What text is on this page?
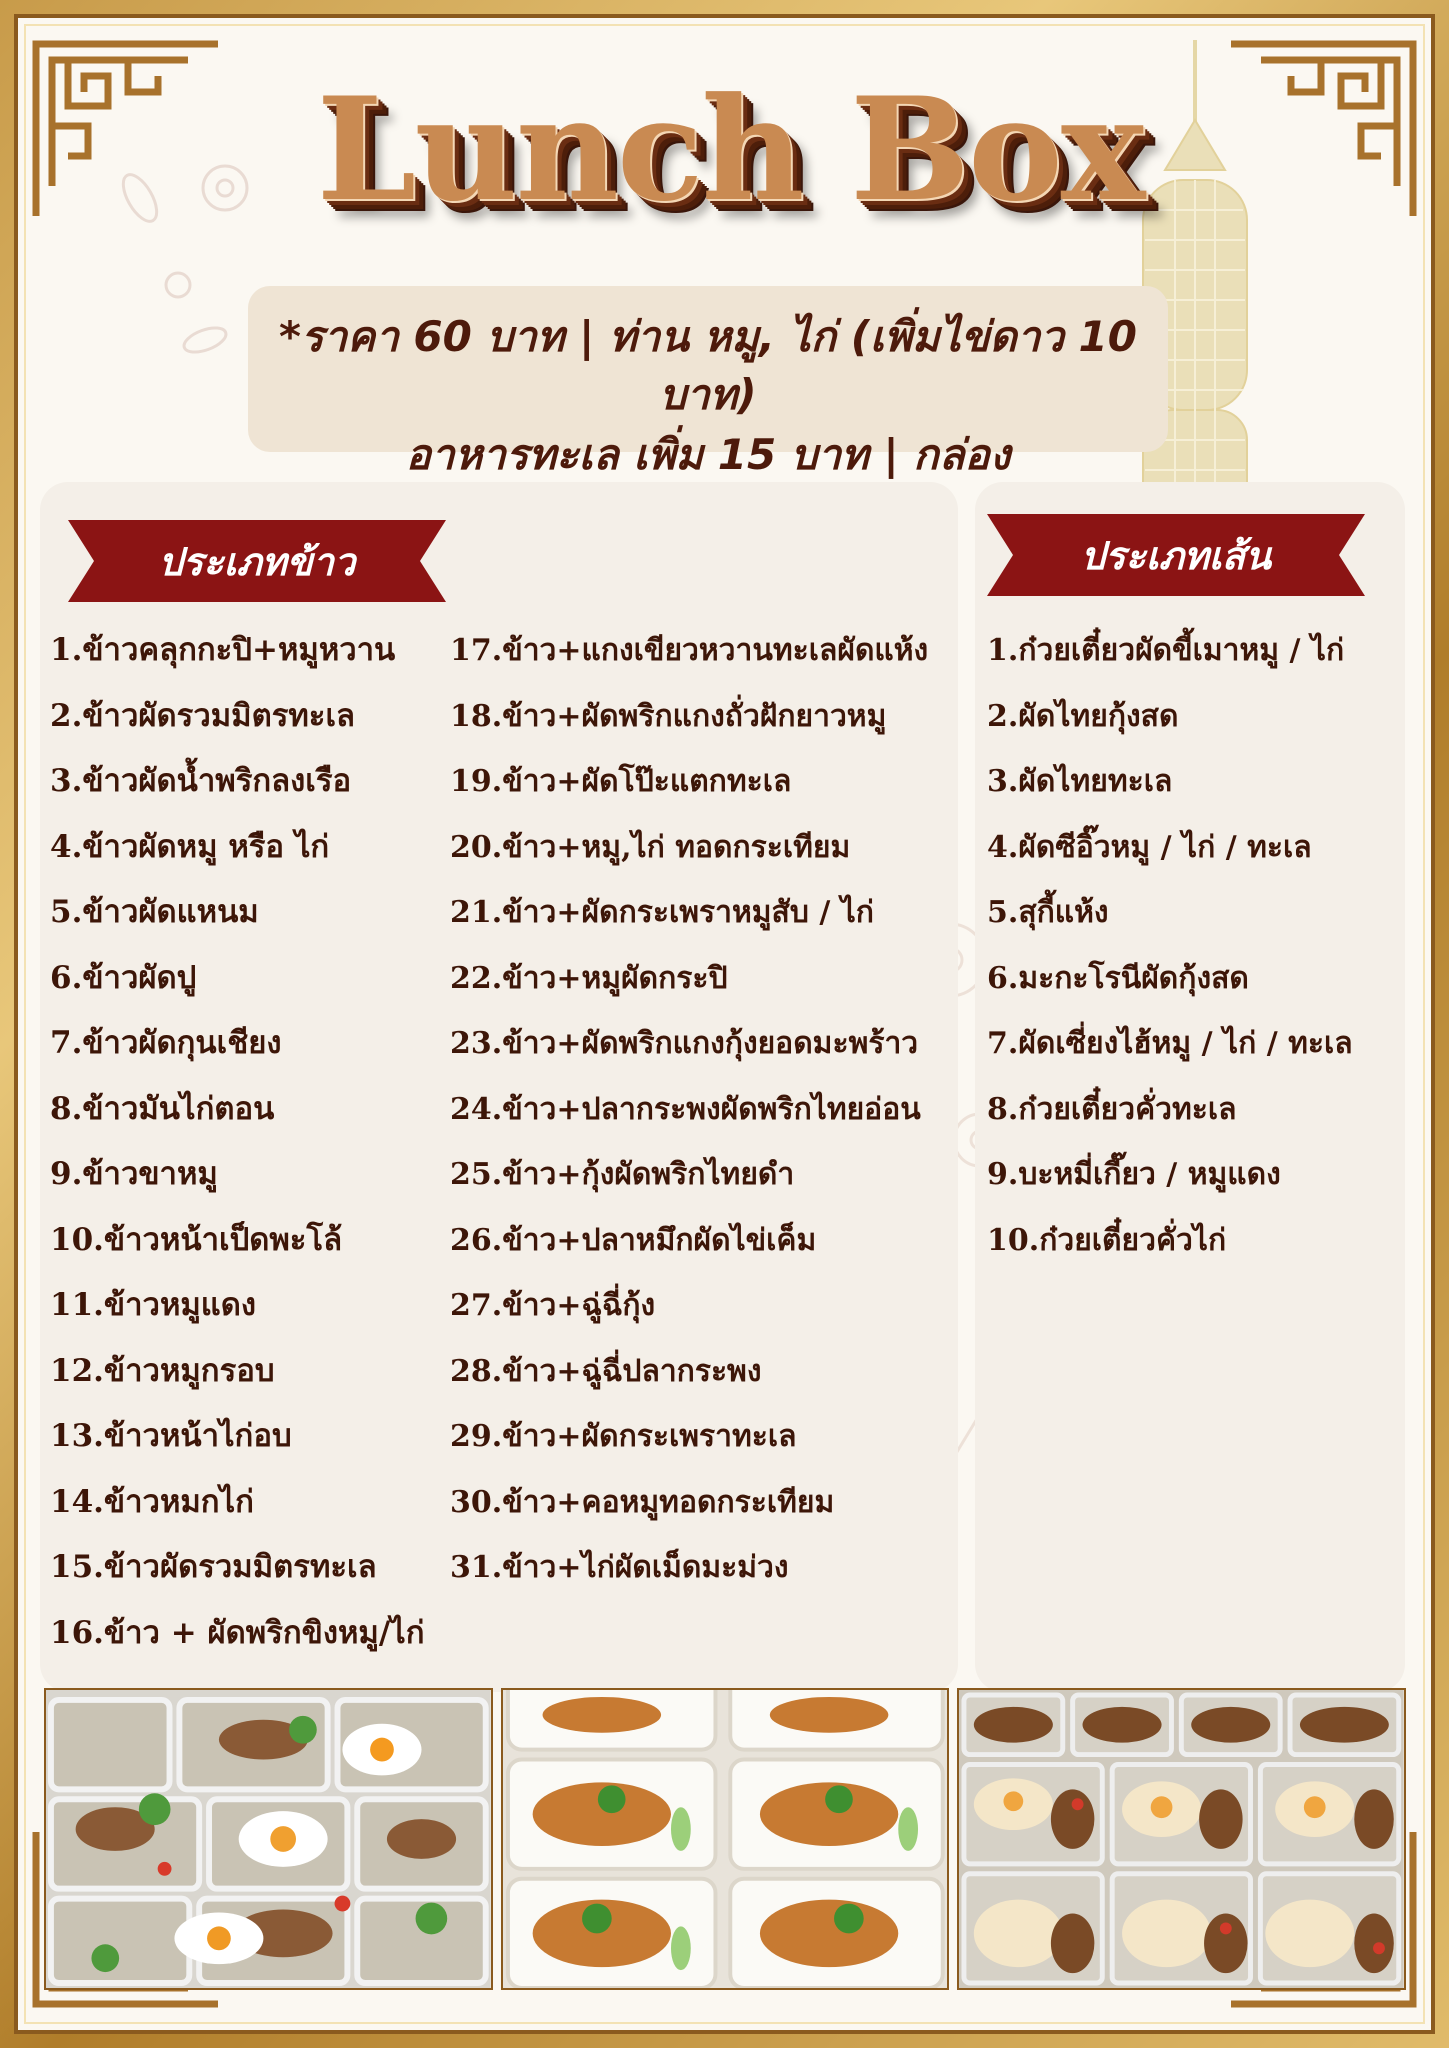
Lunch Box
*ราคา 60 บาท | ท่าน หมู, ไก่ (เพิ่มไข่ดาว 10 บาท)
อาหารทะเล เพิ่ม 15 บาท | กล่อง
ประเภทข้าว	ประเภทเส้น
1.ข้าวคลุกกะปิ+หมูหวาน
2.ข้าวผัดรวมมิตรทะเล
3.ข้าวผัดน้ำพริกลงเรือ
4.ข้าวผัดหมู หรือ ไก่
5.ข้าวผัดแหนม
6.ข้าวผัดปู
7.ข้าวผัดกุนเชียง
8.ข้าวมันไก่ตอน
9.ข้าวขาหมู
10.ข้าวหน้าเป็ดพะโล้
11.ข้าวหมูแดง
12.ข้าวหมูกรอบ
13.ข้าวหน้าไก่อบ
14.ข้าวหมกไก่
15.ข้าวผัดรวมมิตรทะเล
16.ข้าว + ผัดพริกขิงหมู/ไก่
17.ข้าว+แกงเขียวหวานทะเลผัดแห้ง
18.ข้าว+ผัดพริกแกงถั่วฝักยาวหมู
19.ข้าว+ผัดโป๊ะแตกทะเล
20.ข้าว+หมู,ไก่ ทอดกระเทียม
21.ข้าว+ผัดกระเพราหมูสับ / ไก่
22.ข้าว+หมูผัดกระปิ
23.ข้าว+ผัดพริกแกงกุ้งยอดมะพร้าว
24.ข้าว+ปลากระพงผัดพริกไทยอ่อน
25.ข้าว+กุ้งผัดพริกไทยดำ
26.ข้าว+ปลาหมึกผัดไข่เค็ม
27.ข้าว+ฉู่ฉี่กุ้ง
28.ข้าว+ฉู่ฉี่ปลากระพง
29.ข้าว+ผัดกระเพราทะเล
30.ข้าว+คอหมูทอดกระเทียม
31.ข้าว+ไก่ผัดเม็ดมะม่วง
1.ก๋วยเตี๋ยวผัดขี้เมาหมู / ไก่
2.ผัดไทยกุ้งสด
3.ผัดไทยทะเล
4.ผัดซีอิ๊วหมู / ไก่ / ทะเล
5.สุกี้แห้ง
6.มะกะโรนีผัดกุ้งสด
7.ผัดเซี่ยงไฮ้หมู / ไก่ / ทะเล
8.ก๋วยเตี๋ยวคั่วทะเล
9.บะหมี่เกี๊ยว / หมูแดง
10.ก๋วยเตี๋ยวคั่วไก่
